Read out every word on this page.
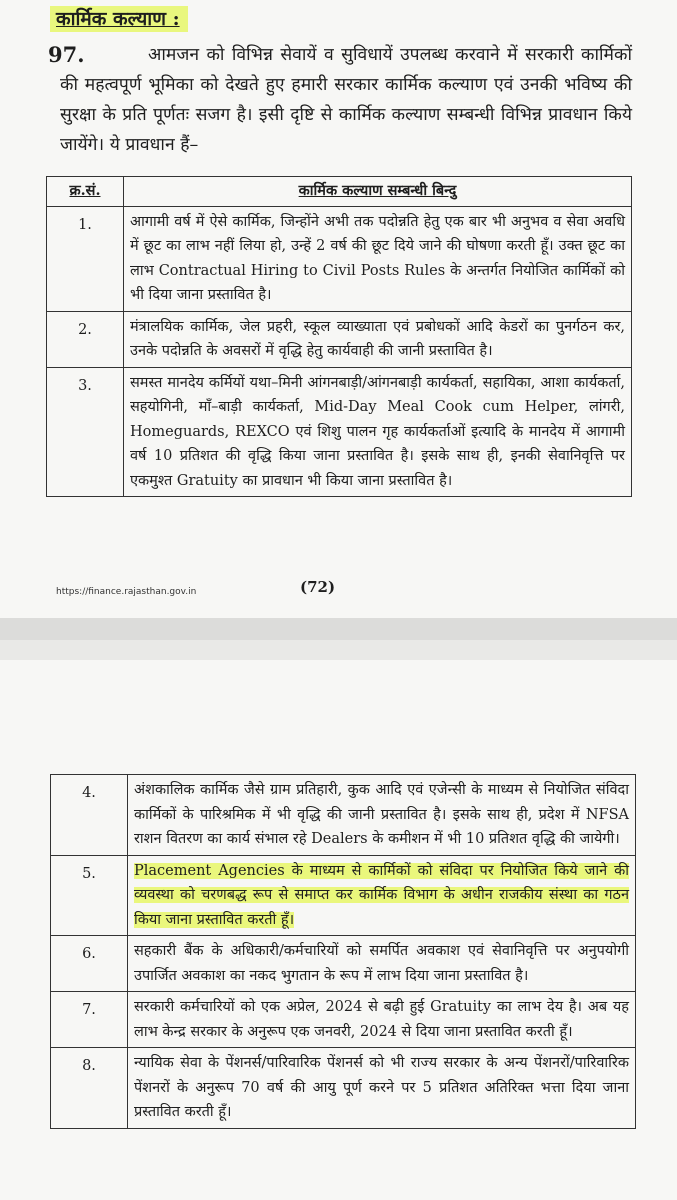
कार्मिक कल्याण :
97.	आमजन को विभिन्न सेवायें व सुविधायें उपलब्ध करवाने में सरकारी कार्मिकों की महत्वपूर्ण भूमिका को देखते हुए हमारी सरकार कार्मिक कल्याण एवं उनकी भविष्य की सुरक्षा के प्रति पूर्णतः सजग है। इसी दृष्टि से कार्मिक कल्याण सम्बन्धी विभिन्न प्रावधान किये जायेंगे। ये प्रावधान हैं–
क्र.सं.	कार्मिक कल्याण सम्बन्धी बिन्दु
1.	आगामी वर्ष में ऐसे कार्मिक, जिन्होंने अभी तक पदोन्नति हेतु एक बार भी अनुभव व सेवा अवधि में छूट का लाभ नहीं लिया हो, उन्हें 2 वर्ष की छूट दिये जाने की घोषणा करती हूँ। उक्त छूट का लाभ Contractual Hiring to Civil Posts Rules के अन्तर्गत नियोजित कार्मिकों को भी दिया जाना प्रस्तावित है।
2.	मंत्रालयिक कार्मिक, जेल प्रहरी, स्कूल व्याख्याता एवं प्रबोधकों आदि केडरों का पुनर्गठन कर, उनके पदोन्नति के अवसरों में वृद्धि हेतु कार्यवाही की जानी प्रस्तावित है।
3.	समस्त मानदेय कर्मियों यथा–मिनी आंगनबाड़ी/आंगनबाड़ी कार्यकर्ता, सहायिका, आशा कार्यकर्ता, सहयोगिनी, माँ–बाड़ी कार्यकर्ता, Mid-Day Meal Cook cum Helper, लांगरी, Homeguards, REXCO एवं शिशु पालन गृह कार्यकर्ताओं इत्यादि के मानदेय में आगामी वर्ष 10 प्रतिशत की वृद्धि किया जाना प्रस्तावित है। इसके साथ ही, इनकी सेवानिवृत्ति पर एकमुश्त Gratuity का प्रावधान भी किया जाना प्रस्तावित है।
https://finance.rajasthan.gov.in	(72)
4.	अंशकालिक कार्मिक जैसे ग्राम प्रतिहारी, कुक आदि एवं एजेन्सी के माध्यम से नियोजित संविदा कार्मिकों के पारिश्रमिक में भी वृद्धि की जानी प्रस्तावित है। इसके साथ ही, प्रदेश में NFSA राशन वितरण का कार्य संभाल रहे Dealers के कमीशन में भी 10 प्रतिशत वृद्धि की जायेगी।
5.	Placement Agencies के माध्यम से कार्मिकों को संविदा पर नियोजित किये जाने की व्यवस्था को चरणबद्ध रूप से समाप्त कर कार्मिक विभाग के अधीन राजकीय संस्था का गठन किया जाना प्रस्तावित करती हूँ।
6.	सहकारी बैंक के अधिकारी/कर्मचारियों को समर्पित अवकाश एवं सेवानिवृत्ति पर अनुपयोगी उपार्जित अवकाश का नकद भुगतान के रूप में लाभ दिया जाना प्रस्तावित है।
7.	सरकारी कर्मचारियों को एक अप्रेल, 2024 से बढ़ी हुई Gratuity का लाभ देय है। अब यह लाभ केन्द्र सरकार के अनुरूप एक जनवरी, 2024 से दिया जाना प्रस्तावित करती हूँ।
8.	न्यायिक सेवा के पेंशनर्स/पारिवारिक पेंशनर्स को भी राज्य सरकार के अन्य पेंशनरों/पारिवारिक पेंशनरों के अनुरूप 70 वर्ष की आयु पूर्ण करने पर 5 प्रतिशत अतिरिक्त भत्ता दिया जाना प्रस्तावित करती हूँ।
